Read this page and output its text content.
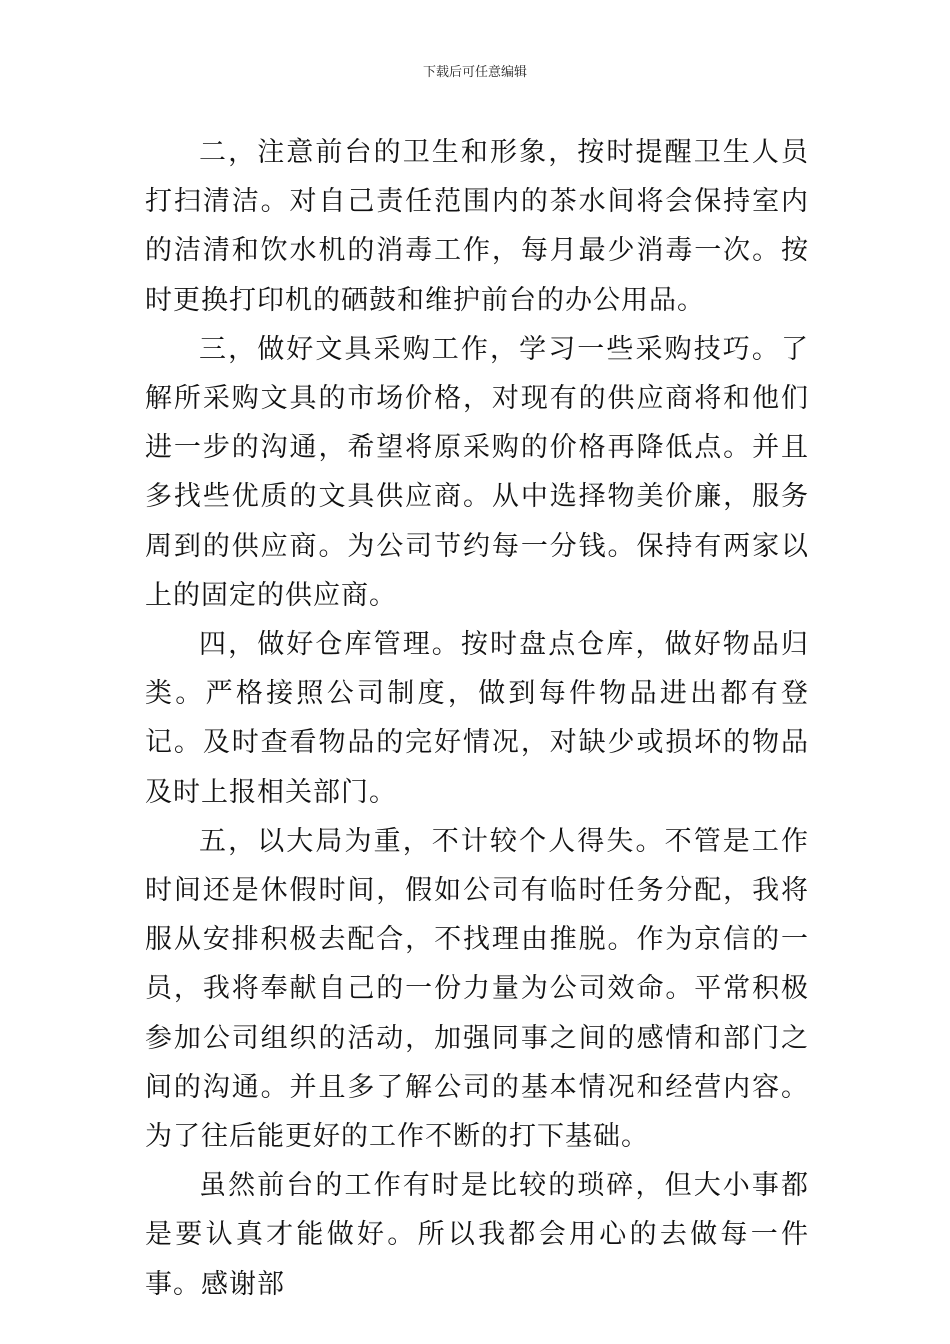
下载后可任意编辑

二，注意前台的卫生和形象，按时提醒卫生人员打扫清洁。对自己责任范围内的茶水间将会保持室内的洁清和饮水机的消毒工作，每月最少消毒一次。按时更换打印机的硒鼓和维护前台的办公用品。

三，做好文具采购工作，学习一些采购技巧。了解所采购文具的市场价格，对现有的供应商将和他们进一步的沟通，希望将原采购的价格再降低点。并且多找些优质的文具供应商。从中选择物美价廉，服务周到的供应商。为公司节约每一分钱。保持有两家以上的固定的供应商。

四，做好仓库管理。按时盘点仓库，做好物品归类。严格接照公司制度，做到每件物品进出都有登记。及时查看物品的完好情况，对缺少或损坏的物品及时上报相关部门。

五，以大局为重，不计较个人得失。不管是工作时间还是休假时间，假如公司有临时任务分配，我将服从安排积极去配合，不找理由推脱。作为京信的一员，我将奉献自己的一份力量为公司效命。平常积极参加公司组织的活动，加强同事之间的感情和部门之间的沟通。并且多了解公司的基本情况和经营内容。为了往后能更好的工作不断的打下基础。

虽然前台的工作有时是比较的琐碎，但大小事都是要认真才能做好。所以我都会用心的去做每一件事。感谢部
